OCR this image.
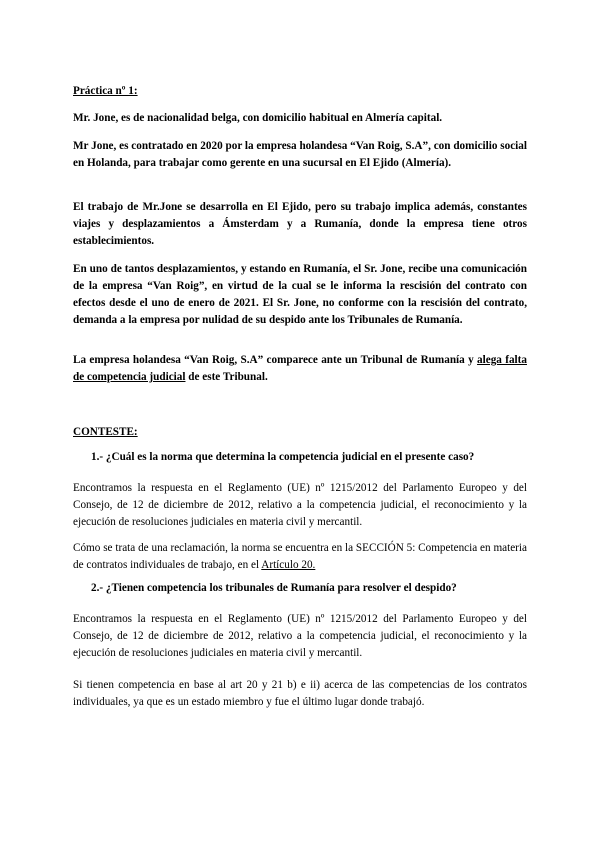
Práctica nº 1:

Mr. Jone, es de nacionalidad belga, con domicilio habitual en Almería capital.

Mr Jone, es contratado en 2020 por la empresa holandesa “Van Roig, S.A”, con domicilio social en Holanda, para trabajar como gerente en una sucursal en El Ejido (Almería).

El trabajo de Mr.Jone se desarrolla en El Ejido, pero su trabajo implica además, constantes viajes y desplazamientos a Ámsterdam y a Rumanía, donde la empresa tiene otros establecimientos.

En uno de tantos desplazamientos, y estando en Rumanía, el Sr. Jone, recibe una comunicación de la empresa “Van Roig”, en virtud de la cual se le informa la rescisión del contrato con efectos desde el uno de enero de 2021. El Sr. Jone, no conforme con la rescisión del contrato, demanda a la empresa por nulidad de su despido ante los Tribunales de Rumanía.

La empresa holandesa “Van Roig, S.A” comparece ante un Tribunal de Rumanía y alega falta de competencia judicial de este Tribunal.

CONTESTE:

1.- ¿Cuál es la norma que determina la competencia judicial en el presente caso?

Encontramos la respuesta en el Reglamento (UE) nº 1215/2012 del Parlamento Europeo y del Consejo, de 12 de diciembre de 2012, relativo a la competencia judicial, el reconocimiento y la ejecución de resoluciones judiciales en materia civil y mercantil.

Cómo se trata de una reclamación, la norma se encuentra en la SECCIÓN 5: Competencia en materia de contratos individuales de trabajo, en el Artículo 20.

2.- ¿Tienen competencia los tribunales de Rumanía para resolver el despido?

Encontramos la respuesta en el Reglamento (UE) nº 1215/2012 del Parlamento Europeo y del Consejo, de 12 de diciembre de 2012, relativo a la competencia judicial, el reconocimiento y la ejecución de resoluciones judiciales en materia civil y mercantil.

Si tienen competencia en base al art 20 y 21 b) e ii) acerca de las competencias de los contratos individuales, ya que es un estado miembro y fue el último lugar donde trabajó.
